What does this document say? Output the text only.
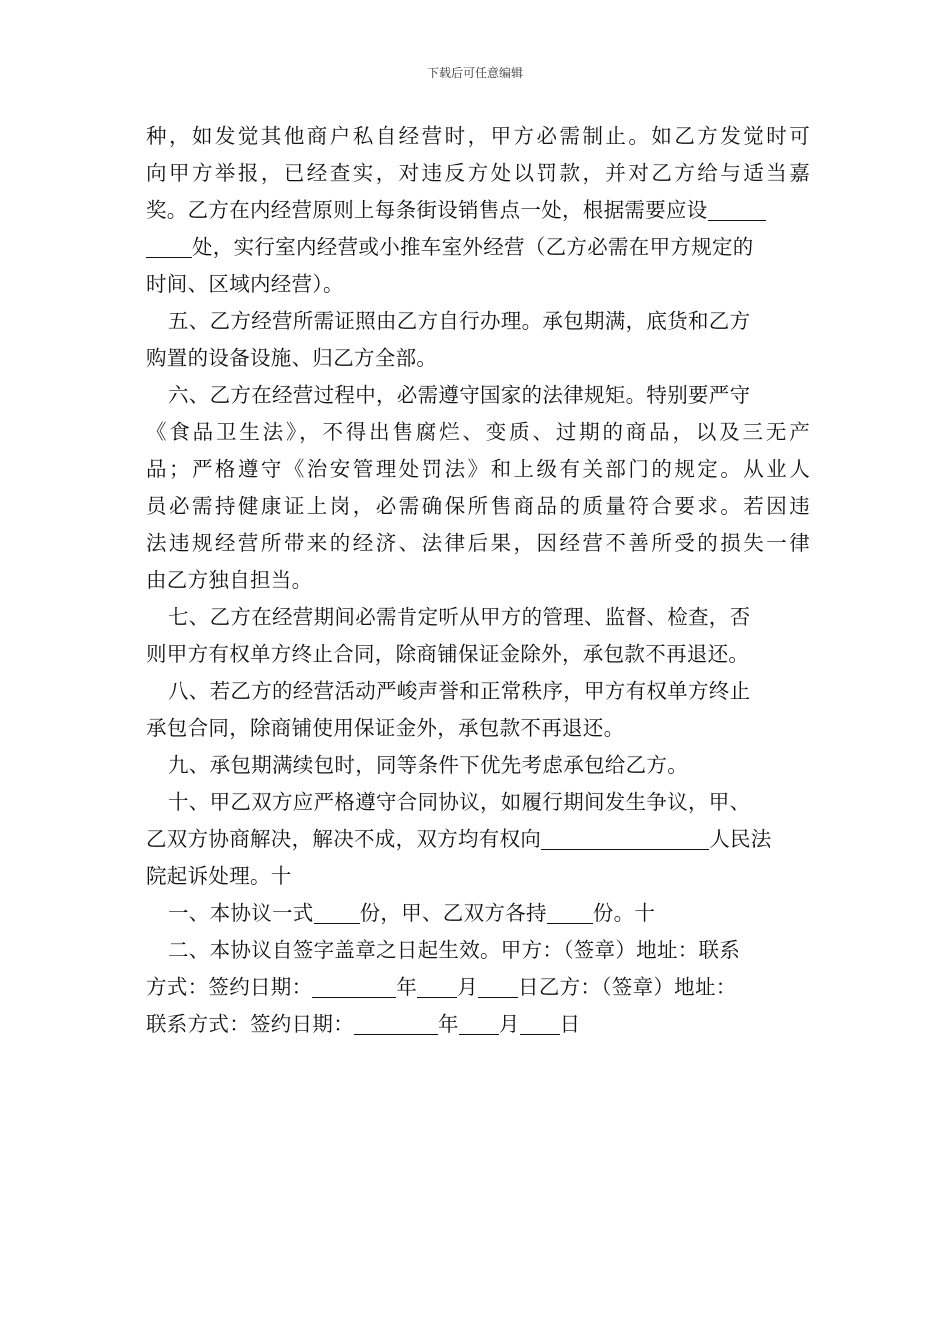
下载后可任意编辑
种，如发觉其他商户私自经营时，甲方必需制止。如乙方发觉时可
向甲方举报，已经查实，对违反方处以罚款，并对乙方给与适当嘉
奖。乙方在内经营原则上每条街设销售点一处，根据需要应设
处，实行室内经营或小推车室外经营（乙方必需在甲方规定的
时间、区域内经营）。
五、乙方经营所需证照由乙方自行办理。承包期满，底货和乙方
购置的设备设施、归乙方全部。
六、乙方在经营过程中，必需遵守国家的法律规矩。特别要严守
《食品卫生法》，不得出售腐烂、变质、过期的商品，以及三无产
品；严格遵守《治安管理处罚法》和上级有关部门的规定。从业人
员必需持健康证上岗，必需确保所售商品的质量符合要求。若因违
法违规经营所带来的经济、法律后果，因经营不善所受的损失一律
由乙方独自担当。
七、乙方在经营期间必需肯定听从甲方的管理、监督、检查，否
则甲方有权单方终止合同，除商铺保证金除外，承包款不再退还。
八、若乙方的经营活动严峻声誉和正常秩序，甲方有权单方终止
承包合同，除商铺使用保证金外，承包款不再退还。
九、承包期满续包时，同等条件下优先考虑承包给乙方。
十、甲乙双方应严格遵守合同协议，如履行期间发生争议，甲、
乙双方协商解决，解决不成，双方均有权向	人民法
院起诉处理。十
一、本协议一式 份，甲、乙双方各持 份。十
二、本协议自签字盖章之日起生效。甲方：（签章）地址：联系
方式：签约日期：	年 月 日乙方：（签章）地址：
联系方式：签约日期：	年 月 日
